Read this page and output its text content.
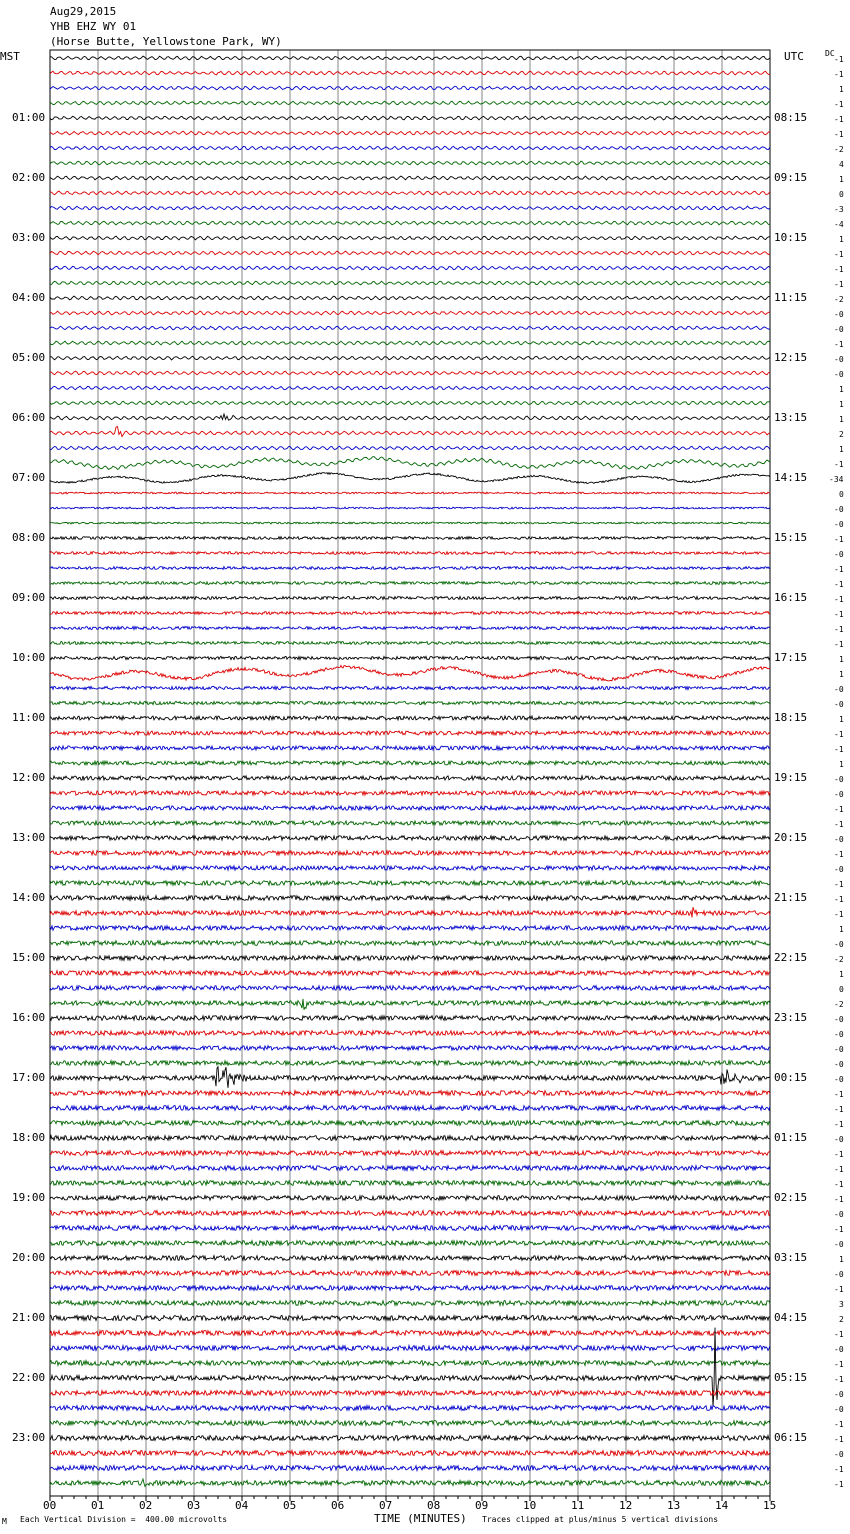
Aug29,2015
YHB EHZ WY 01
(Horse Butte, Yellowstone Park, WY)
MST	UTC	DC
01:00
02:00
03:00
04:00
05:00
06:00
07:00
08:00
09:00
10:00
11:00
12:00
13:00
14:00
15:00
16:00
17:00
18:00
19:00
20:00
21:00
22:00
23:00
08:15
09:15
10:15
11:15
12:15
13:15
14:15
15:15
16:15
17:15
18:15
19:15
20:15
21:15
22:15
23:15
00:15
01:15
02:15
03:15
04:15
05:15
06:15
-1
-1
1
-1
-1
-1
-2
4
1
0
-3
-4
1
-1
-1
-1
-2
-0
-0
-1
-0
-0
1
1
1
2
1
-1
-34
0
-0
-0
-1
-0
-1
-1
-1
-1
-1
-1
1
1
-0
-0
1
-1
-1
1
-0
-0
-1
-1
-0
-1
-0
-1
-1
-1
1
-0
-2
1
0
-2
-0
-0
-0
-0
-0
-1
-1
-1
-0
-1
-1
-1
-1
-0
-1
-0
1
-0
-1
3
2
-1
-0
-1
-1
-0
-0
-1
-1
-0
-1
-1
00	01	02	03	04	05	06	07	08	09	10	11	12	13	14	15
M Each Vertical Division =  400.00 microvolts	TIME (MINUTES) Traces clipped at plus/minus 5 vertical divisions
